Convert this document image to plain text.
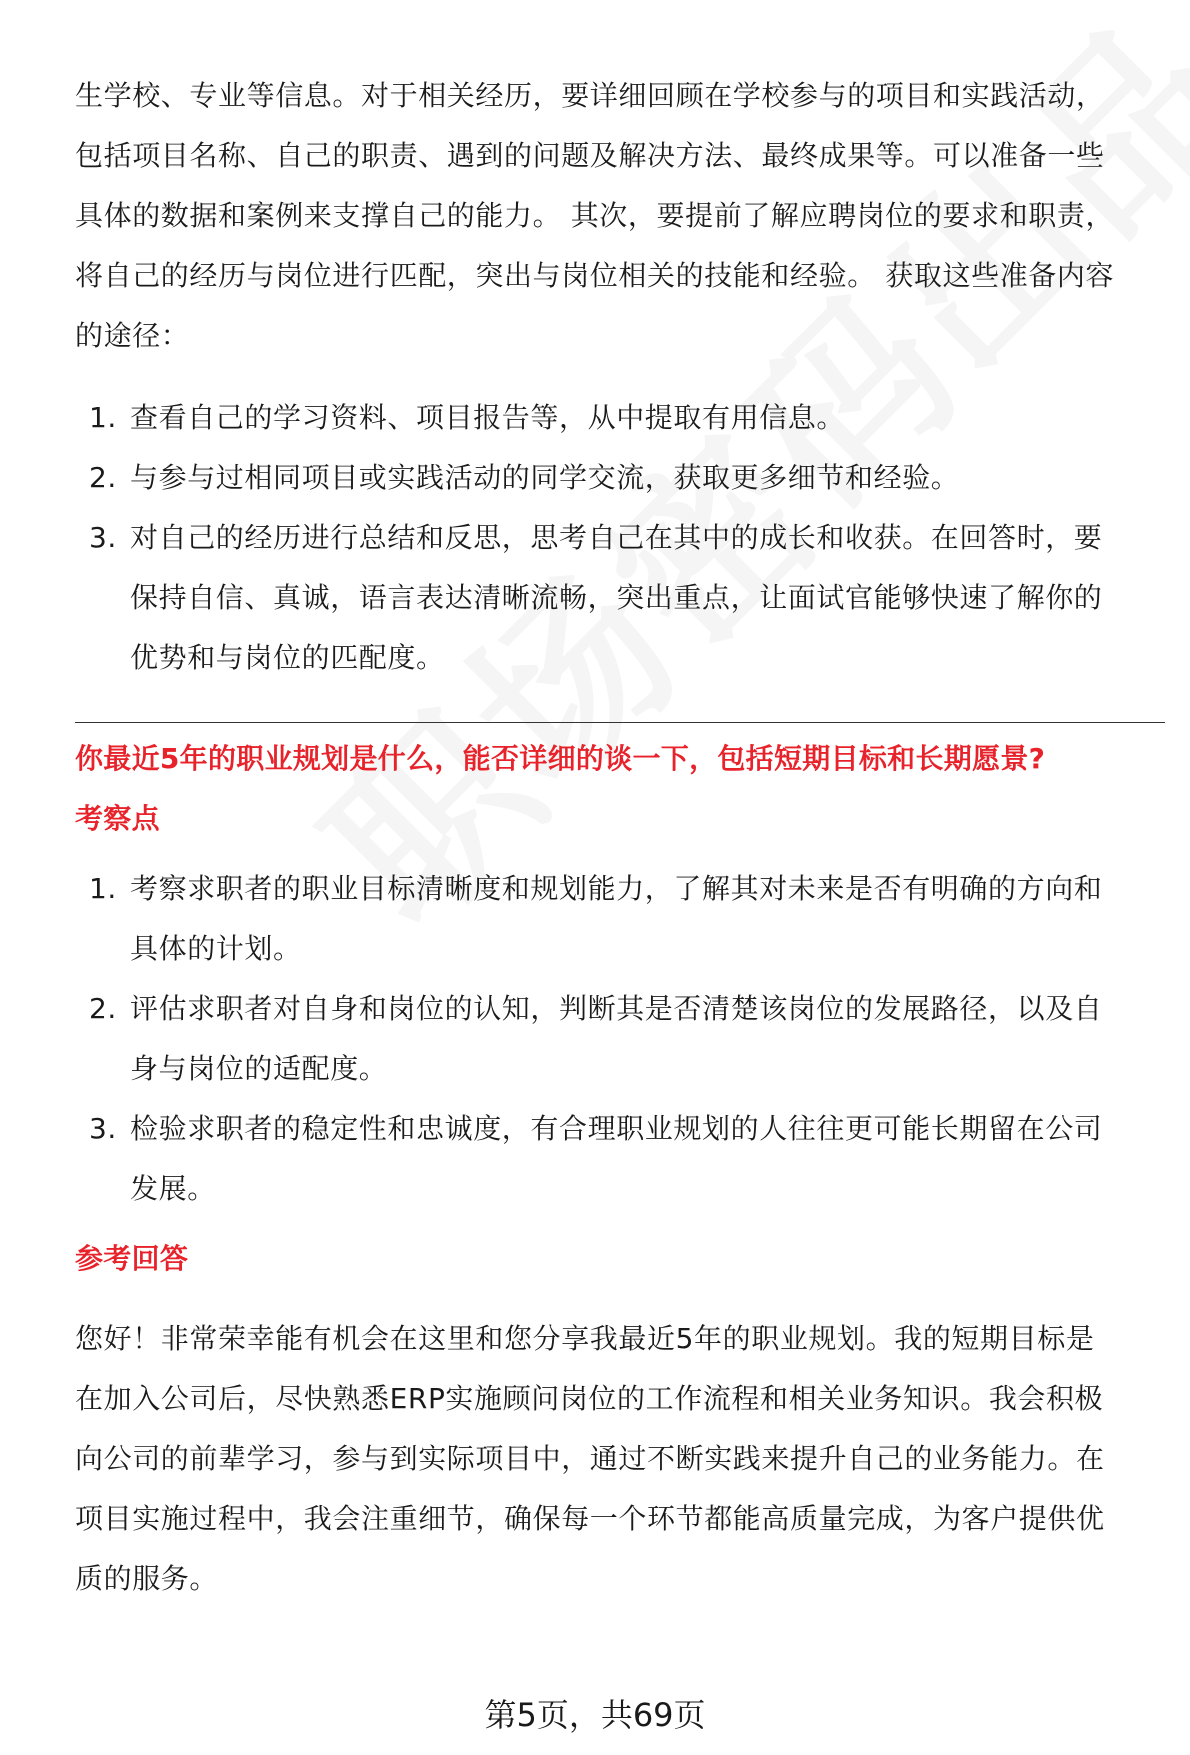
生学校、专业等信息。对于相关经历，要详细回顾在学校参与的项目和实践活动，
包括项目名称、自己的职责、遇到的问题及解决方法、最终成果等。可以准备一些
具体的数据和案例来支撑自己的能力。 其次，要提前了解应聘岗位的要求和职责，
将自己的经历与岗位进行匹配，突出与岗位相关的技能和经验。 获取这些准备内容
的途径：
1. 查看自己的学习资料、项目报告等，从中提取有用信息。
2. 与参与过相同项目或实践活动的同学交流，获取更多细节和经验。
3. 对自己的经历进行总结和反思，思考自己在其中的成长和收获。在回答时，要
保持自信、真诚，语言表达清晰流畅，突出重点，让面试官能够快速了解你的
优势和与岗位的匹配度。

你最近5年的职业规划是什么，能否详细的谈一下，包括短期目标和长期愿景?

考察点

1. 考察求职者的职业目标清晰度和规划能力，了解其对未来是否有明确的方向和
具体的计划。
2. 评估求职者对自身和岗位的认知，判断其是否清楚该岗位的发展路径，以及自
身与岗位的适配度。
3. 检验求职者的稳定性和忠诚度，有合理职业规划的人往往更可能长期留在公司
发展。

参考回答

您好！非常荣幸能有机会在这里和您分享我最近5年的职业规划。我的短期目标是
在加入公司后，尽快熟悉ERP实施顾问岗位的工作流程和相关业务知识。我会积极
向公司的前辈学习，参与到实际项目中，通过不断实践来提升自己的业务能力。在
项目实施过程中，我会注重细节，确保每一个环节都能高质量完成，为客户提供优
质的服务。
第5页，共69页
